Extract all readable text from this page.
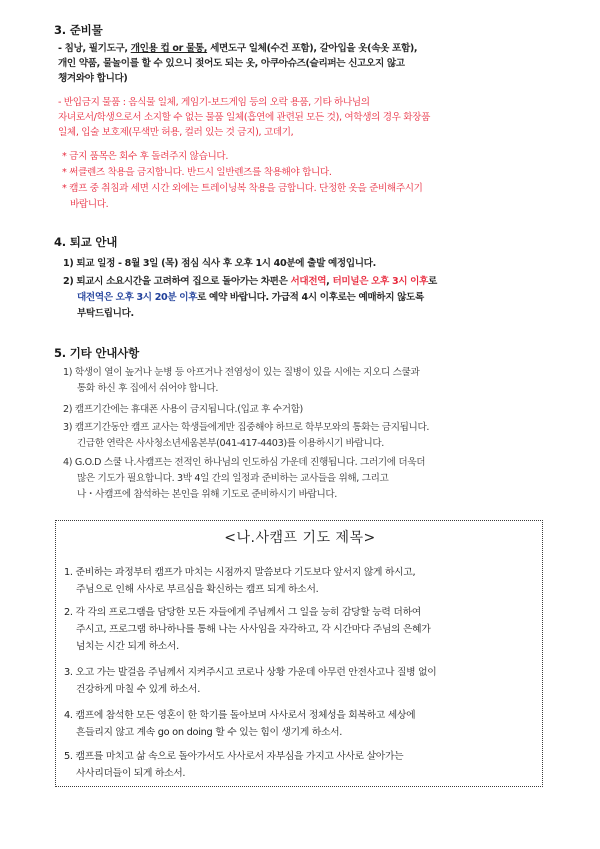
3. 준비물
- 침낭, 필기도구, 개인용 컵 or 물통, 세면도구 일체(수건 포함), 갈아입을 옷(속옷 포함),
개인 약품, 물놀이를 할 수 있으니 젖어도 되는 옷, 아쿠아슈즈(슬리퍼는 신고오지 않고
챙겨와야 합니다)
- 반입금지 물품 : 음식물 일체, 게임기-보드게임 등의 오락 용품, 기타 하나님의
자녀로서/학생으로서 소지할 수 없는 물품 일체(흡연에 관련된 모든 것), 여학생의 경우 화장품
일체, 입술 보호제(무색만 허용, 컬러 있는 것 금지), 고데기,
* 금지 품목은 회수 후 돌려주지 않습니다.
* 써클렌즈 착용을 금지합니다. 반드시 일반렌즈를 착용해야 합니다.
* 캠프 중 취침과 세면 시간 외에는 트레이닝복 착용을 금합니다. 단정한 옷을 준비해주시기
바랍니다.
4. 퇴교 안내
1) 퇴교 일정 - 8월 3일 (목) 점심 식사 후 오후 1시 40분에 출발 예정입니다.
2) 퇴교시 소요시간을 고려하여 집으로 돌아가는 차편은 서대전역, 터미널은 오후 3시 이후로
대전역은 오후 3시 20분 이후로 예약 바랍니다. 가급적 4시 이후로는 예매하지 않도록
부탁드립니다.
5. 기타 안내사항
1) 학생이 열이 높거나 눈병 등 아프거나 전염성이 있는 질병이 있을 시에는 지오디 스쿨과
통화 하신 후 집에서 쉬어야 합니다.
2) 캠프기간에는 휴대폰 사용이 금지됩니다.(입교 후 수거함)
3) 캠프기간동안 캠프 교사는 학생들에게만 집중해야 하므로 학부모와의 통화는 금지됩니다.
긴급한 연락은 사사청소년세움본부(041-417-4403)를 이용하시기 바랍니다.
4) G.O.D 스쿨 나.사캠프는 전적인 하나님의 인도하심 가운데 진행됩니다. 그러기에 더욱더
많은 기도가 필요합니다. 3박 4일 간의 일정과 준비하는 교사들을 위해, 그리고
나・사캠프에 참석하는 본인을 위해 기도로 준비하시기 바랍니다.
<나.사캠프 기도 제목>
1. 준비하는 과정부터 캠프가 마치는 시점까지 말씀보다 기도보다 앞서지 않게 하시고,
주님으로 인해 사사로 부르심을 확신하는 캠프 되게 하소서.
2. 각 각의 프로그램을 담당한 모든 자들에게 주님께서 그 일을 능히 감당할 능력 더하여
주시고, 프로그램 하나하나를 통해 나는 사사임을 자각하고, 각 시간마다 주님의 은혜가
넘치는 시간 되게 하소서.
3. 오고 가는 발걸음 주님께서 지켜주시고 코로나 상황 가운데 아무런 안전사고나 질병 없이
건강하게 마칠 수 있게 하소서.
4. 캠프에 참석한 모든 영혼이 한 학기를 돌아보며 사사로서 정체성을 회복하고 세상에
흔들리지 않고 계속 go on doing 할 수 있는 힘이 생기게 하소서.
5. 캠프를 마치고 삶 속으로 돌아가서도 사사로서 자부심을 가지고 사사로 살아가는
사사리더들이 되게 하소서.
